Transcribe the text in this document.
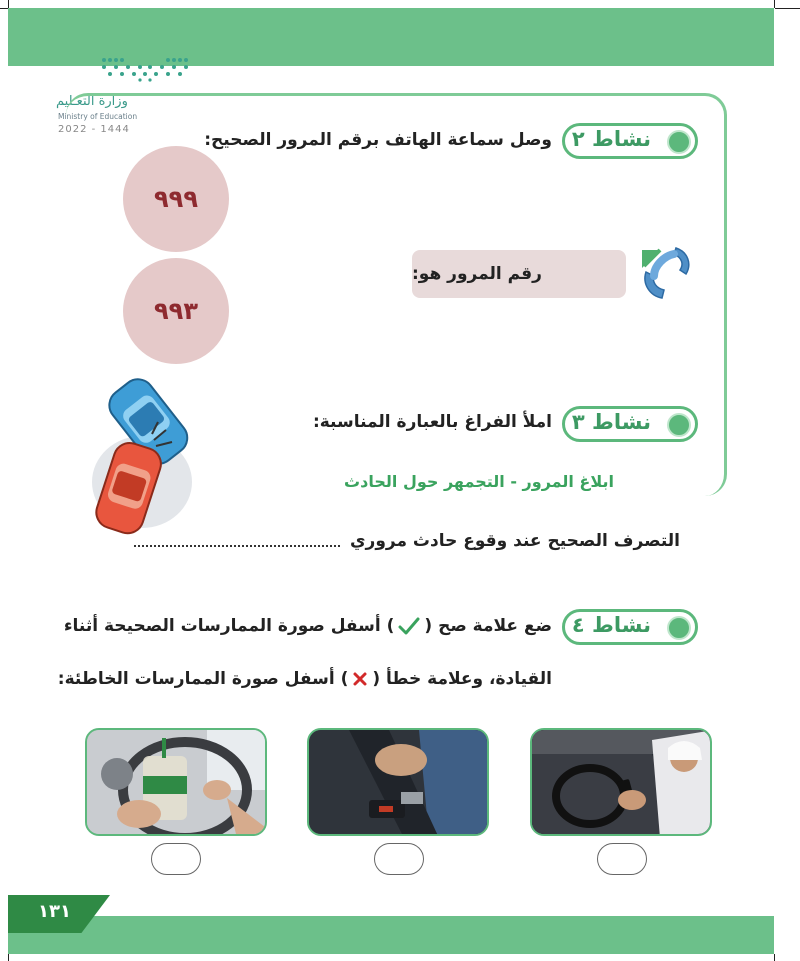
وزارة التعـليم
Ministry of Education
2022 - 1444	نشاط ٢
وصل سماعة الهاتف برقم المرور الصحيح:
٩٩٩
٩٩٣
رقم المرور هو:
نشاط ٣
املأ الفراغ بالعبارة المناسبة:
ابلاغ المرور - التجمهر حول الحادث
التصرف الصحيح عند وقوع حادث مروري
نشاط ٤
ضع علامة صح (
) أسفل صورة الممارسات الصحيحة أثناء
القيادة، وعلامة خطأ (
) أسفل صورة الممارسات الخاطئة:
١٣١
